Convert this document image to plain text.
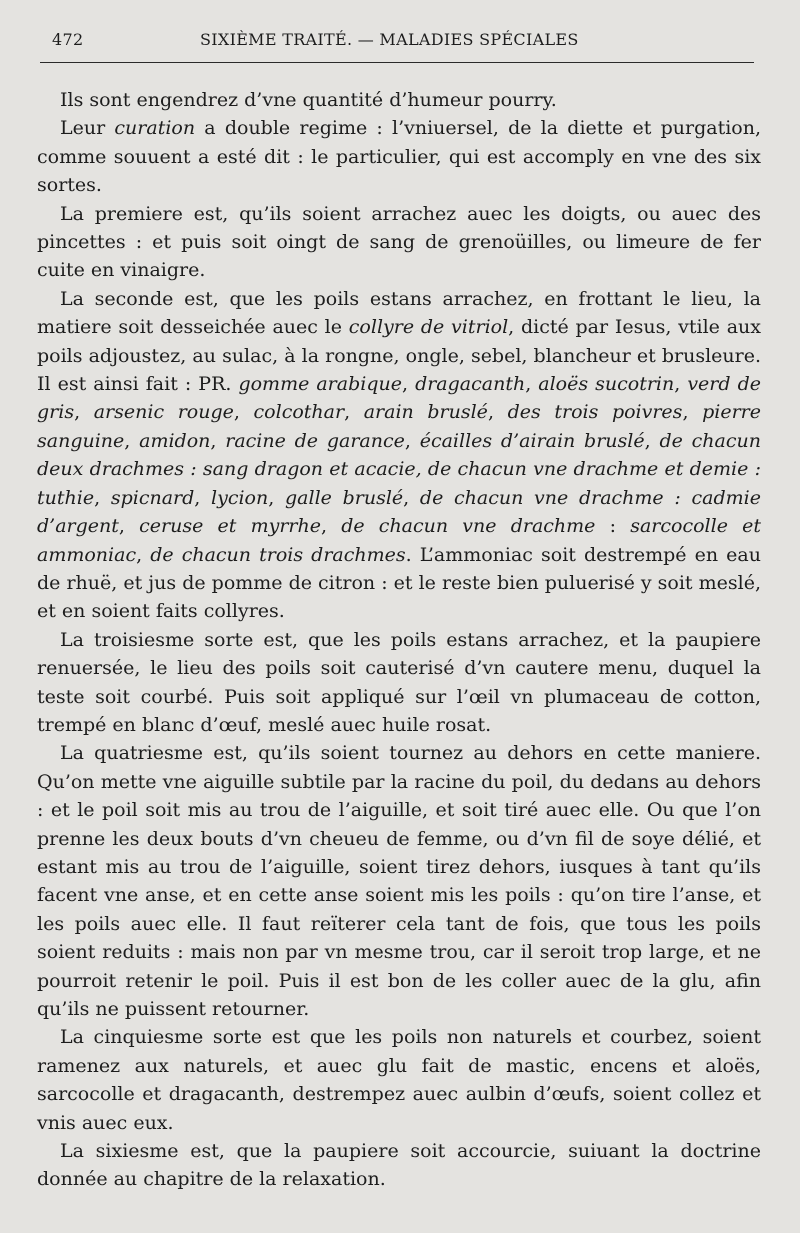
472	SIXIÈME TRAITÉ. — MALADIES SPÉCIALES

Ils sont engendrez d’vne quantité d’humeur pourry.

Leur curation a double regime : l’vniuersel, de la diette et purgation, comme souuent a esté dit : le particulier, qui est accomply en vne des six sortes.

La premiere est, qu’ils soient arrachez auec les doigts, ou auec des pincettes : et puis soit oingt de sang de grenoüilles, ou limeure de fer cuite en vinaigre.

La seconde est, que les poils estans arrachez, en frottant le lieu, la matiere soit desseichée auec le collyre de vitriol, dicté par Iesus, vtile aux poils adjoustez, au sulac, à la rongne, ongle, sebel, blancheur et brusleure. Il est ainsi fait : PR. gomme arabique, dragacanth, aloës sucotrin, verd de gris, arsenic rouge, colcothar, arain bruslé, des trois poivres, pierre sanguine, amidon, racine de garance, écailles d’airain bruslé, de chacun deux drachmes : sang dragon et acacie, de chacun vne drachme et demie : tuthie, spicnard, lycion, galle bruslé, de chacun vne drachme : cadmie d’argent, ceruse et myrrhe, de chacun vne drachme : sarcocolle et ammoniac, de chacun trois drachmes. L’ammoniac soit destrempé en eau de rhuë, et jus de pomme de citron : et le reste bien puluerisé y soit meslé, et en soient faits collyres.

La troisiesme sorte est, que les poils estans arrachez, et la paupiere renuersée, le lieu des poils soit cauterisé d’vn cautere menu, duquel la teste soit courbé. Puis soit appliqué sur l’œil vn plumaceau de cotton, trempé en blanc d’œuf, meslé auec huile rosat.

La quatriesme est, qu’ils soient tournez au dehors en cette maniere. Qu’on mette vne aiguille subtile par la racine du poil, du dedans au dehors : et le poil soit mis au trou de l’aiguille, et soit tiré auec elle. Ou que l’on prenne les deux bouts d’vn cheueu de femme, ou d’vn fil de soye délié, et estant mis au trou de l’aiguille, soient tirez dehors, iusques à tant qu’ils facent vne anse, et en cette anse soient mis les poils : qu’on tire l’anse, et les poils auec elle. Il faut reïterer cela tant de fois, que tous les poils soient reduits : mais non par vn mesme trou, car il seroit trop large, et ne pourroit retenir le poil. Puis il est bon de les coller auec de la glu, afin qu’ils ne puissent retourner.

La cinquiesme sorte est que les poils non naturels et courbez, soient ramenez aux naturels, et auec glu fait de mastic, encens et aloës, sarcocolle et dragacanth, destrempez auec aulbin d’œufs, soient collez et vnis auec eux.

La sixiesme est, que la paupiere soit accourcie, suiuant la doctrine donnée au chapitre de la relaxation.
